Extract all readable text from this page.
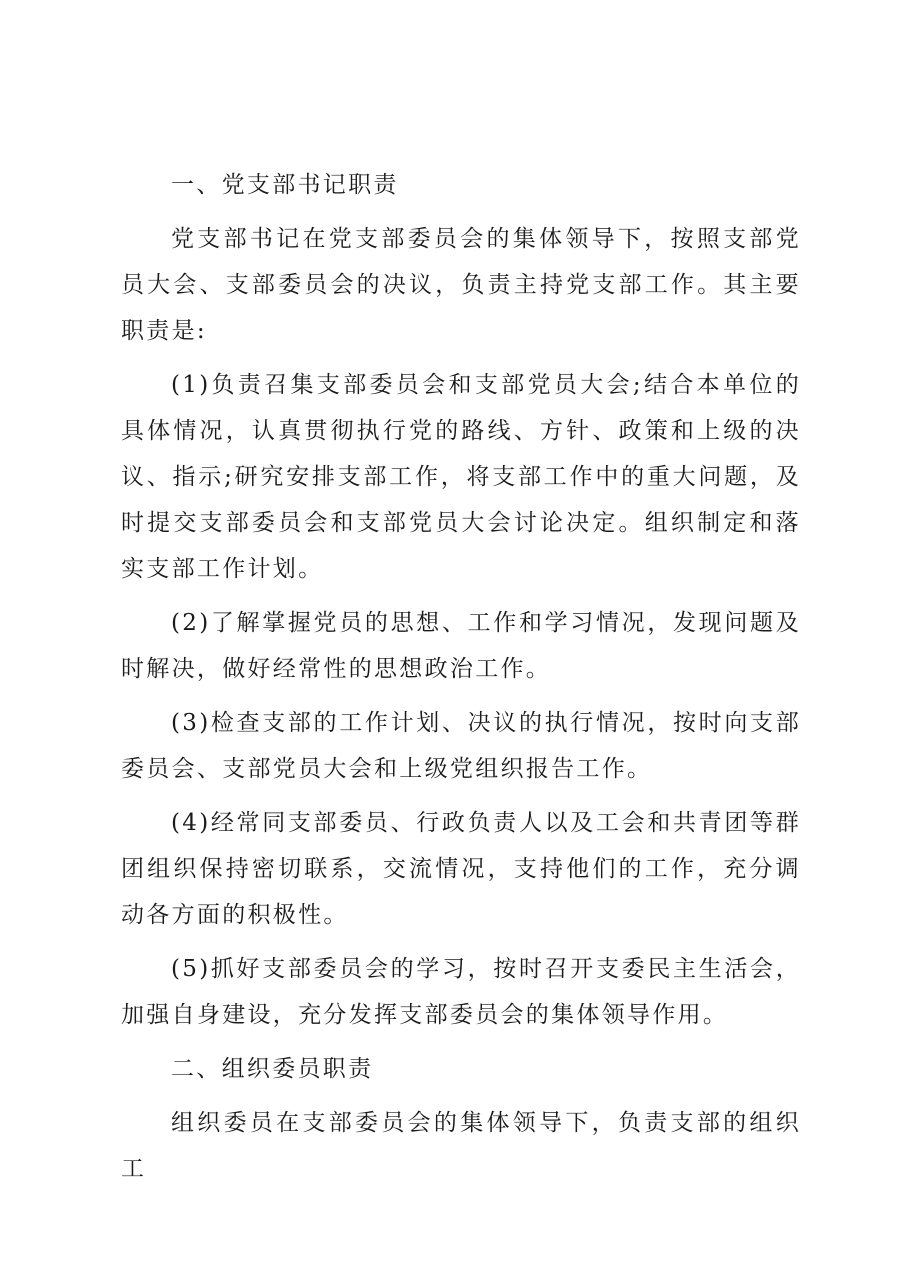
一、党支部书记职责

党支部书记在党支部委员会的集体领导下，按照支部党员大会、支部委员会的决议，负责主持党支部工作。其主要职责是:

(1)负责召集支部委员会和支部党员大会;结合本单位的具体情况，认真贯彻执行党的路线、方针、政策和上级的决议、指示;研究安排支部工作，将支部工作中的重大问题，及时提交支部委员会和支部党员大会讨论决定。组织制定和落实支部工作计划。

(2)了解掌握党员的思想、工作和学习情况，发现问题及时解决，做好经常性的思想政治工作。

(3)检查支部的工作计划、决议的执行情况，按时向支部委员会、支部党员大会和上级党组织报告工作。

(4)经常同支部委员、行政负责人以及工会和共青团等群团组织保持密切联系，交流情况，支持他们的工作，充分调动各方面的积极性。

(5)抓好支部委员会的学习，按时召开支委民主生活会，加强自身建设，充分发挥支部委员会的集体领导作用。

二、组织委员职责

组织委员在支部委员会的集体领导下，负责支部的组织工
